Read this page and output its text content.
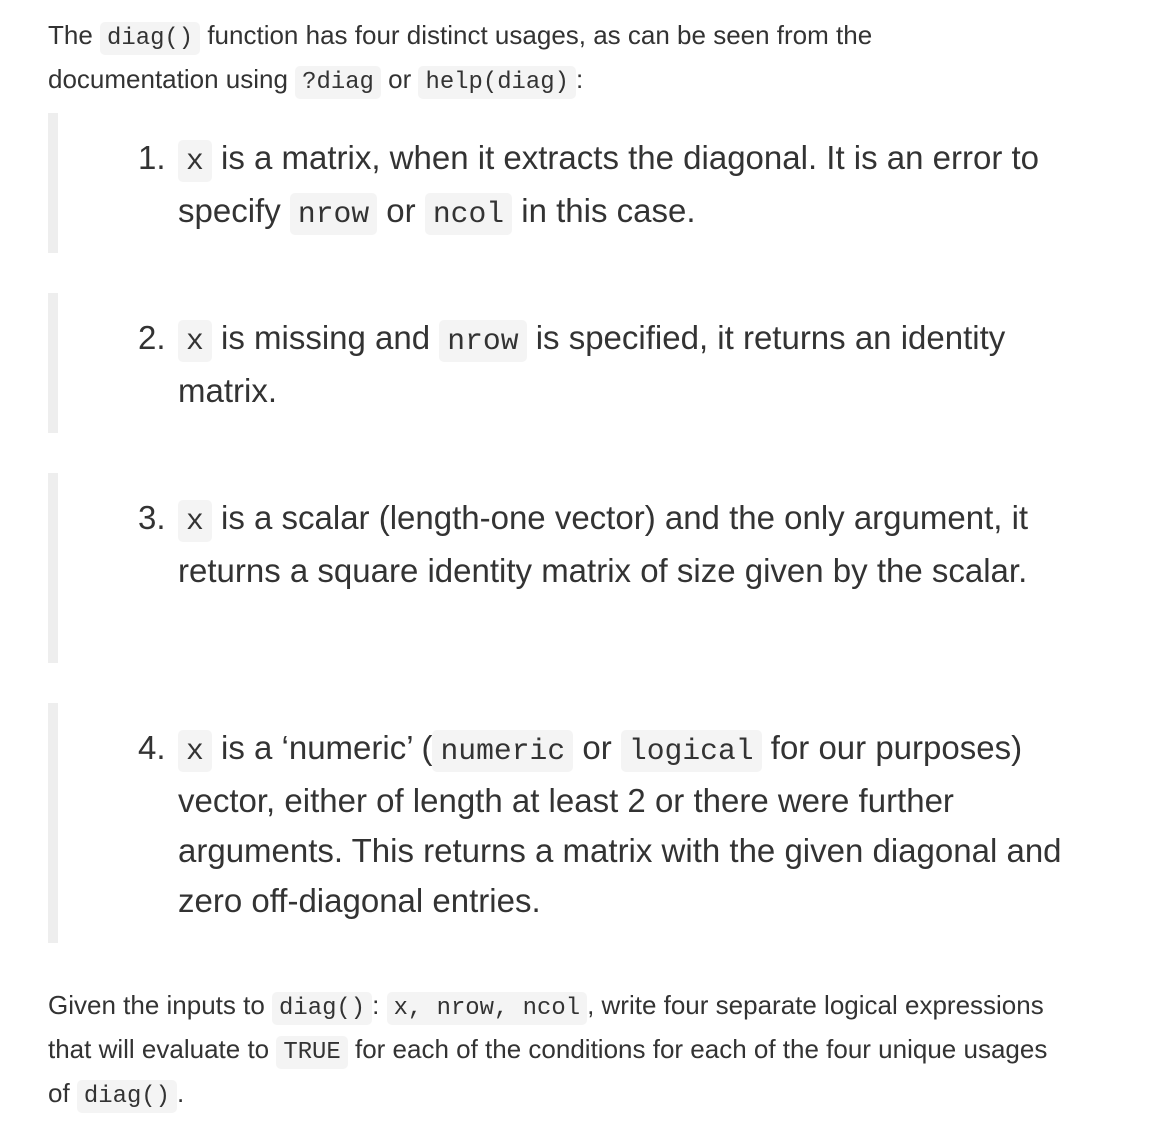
The diag() function has four distinct usages, as can be seen from the documentation using ?diag or help(diag) :

1. x is a matrix, when it extracts the diagonal. It is an error to specify nrow or ncol in this case.
2. x is missing and nrow is specified, it returns an identity matrix.
3. x is a scalar (length-one vector) and the only argument, it returns a square identity matrix of size given by the scalar.
4. x is a ‘numeric’ ( numeric or logical for our purposes) vector, either of length at least 2 or there were further arguments. This returns a matrix with the given diagonal and zero off-diagonal entries.

Given the inputs to diag() : x, nrow, ncol , write four separate logical expressions that will evaluate to TRUE for each of the conditions for each of the four unique usages of diag() .
